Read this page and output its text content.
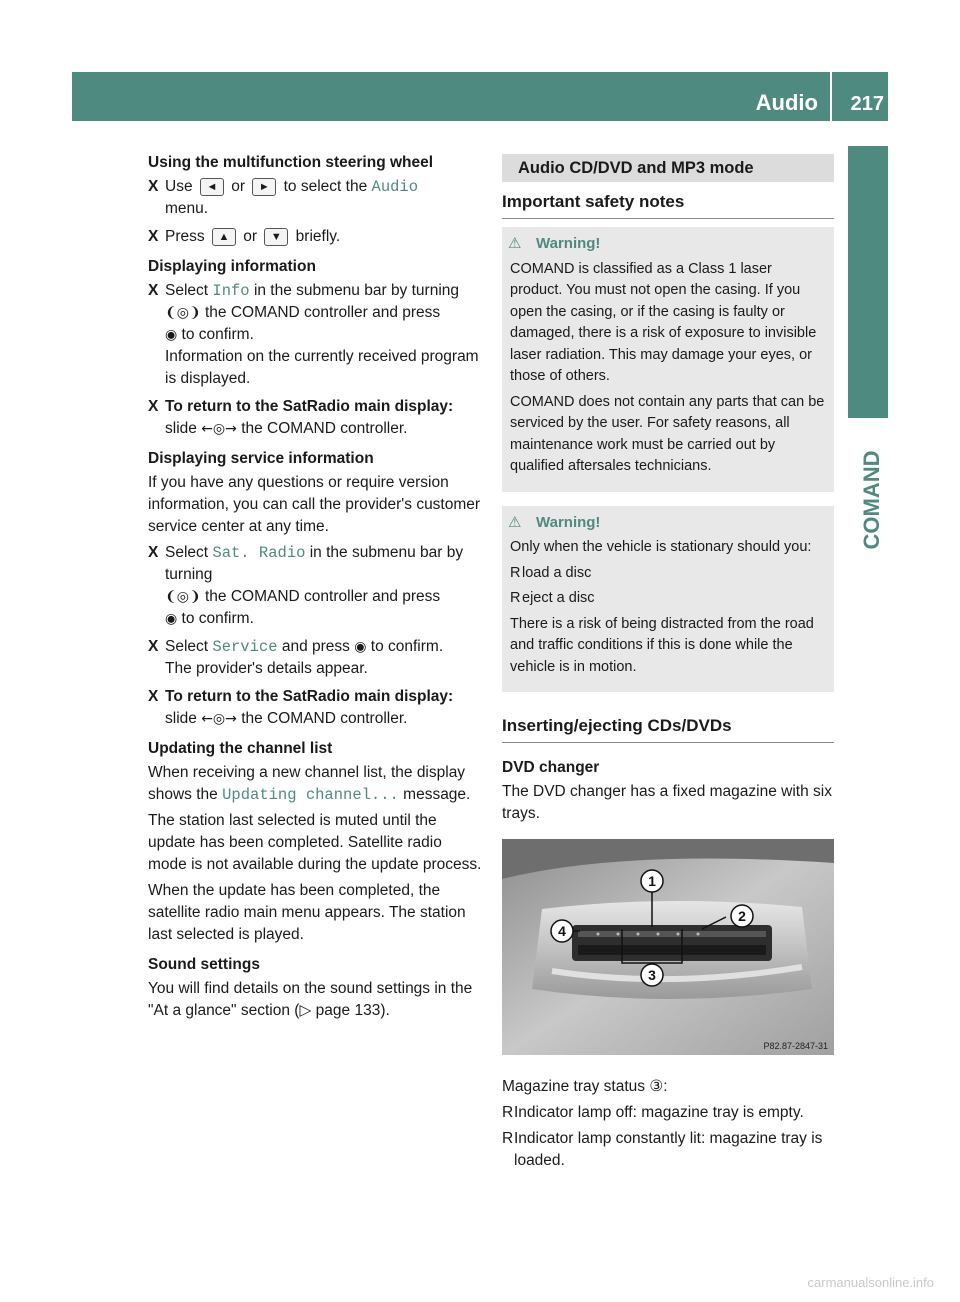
Audio 217
COMAND
Using the multifunction steering wheel
X Use ◄ or ► to select the Audio
menu.
X Press ▲ or ▼ briefly.
Displaying information
X Select Info in the submenu bar by turning
❨◎❩ the COMAND controller and press
◉ to confirm.
Information on the currently received program is displayed.
X To return to the SatRadio main display:
slide ←◎→ the COMAND controller.
Displaying service information

If you have any questions or require version information, you can call the provider's customer service center at any time.

X Select Sat. Radio in the submenu bar by turning
❨◎❩ the COMAND controller and press
◉ to confirm.
X Select Service and press ◉ to confirm.
The provider's details appear.
X To return to the SatRadio main display:
slide ←◎→ the COMAND controller.
Updating the channel list

When receiving a new channel list, the display shows the Updating channel... message.

The station last selected is muted until the update has been completed. Satellite radio mode is not available during the update process.

When the update has been completed, the satellite radio main menu appears. The station last selected is played.

Sound settings

You will find details on the sound settings in the "At a glance" section (▷ page 133).

Audio CD/DVD and MP3 mode
Important safety notes
⚠ Warning!

COMAND is classified as a Class 1 laser product. You must not open the casing. If you open the casing, or if the casing is faulty or damaged, there is a risk of exposure to invisible laser radiation. This may damage your eyes, or those of others.

COMAND does not contain any parts that can be serviced by the user. For safety reasons, all maintenance work must be carried out by qualified aftersales technicians.

⚠ Warning!

Only when the vehicle is stationary should you:

R load a disc
R eject a disc

There is a risk of being distracted from the road and traffic conditions if this is done while the vehicle is in motion.

Inserting/ejecting CDs/DVDs
DVD changer

The DVD changer has a fixed magazine with six trays.

1
2
3
4
P82.87-2847-31

Magazine tray status ③:

R Indicator lamp off: magazine tray is empty.
R Indicator lamp constantly lit: magazine tray is loaded.
carmanualsonline.info
